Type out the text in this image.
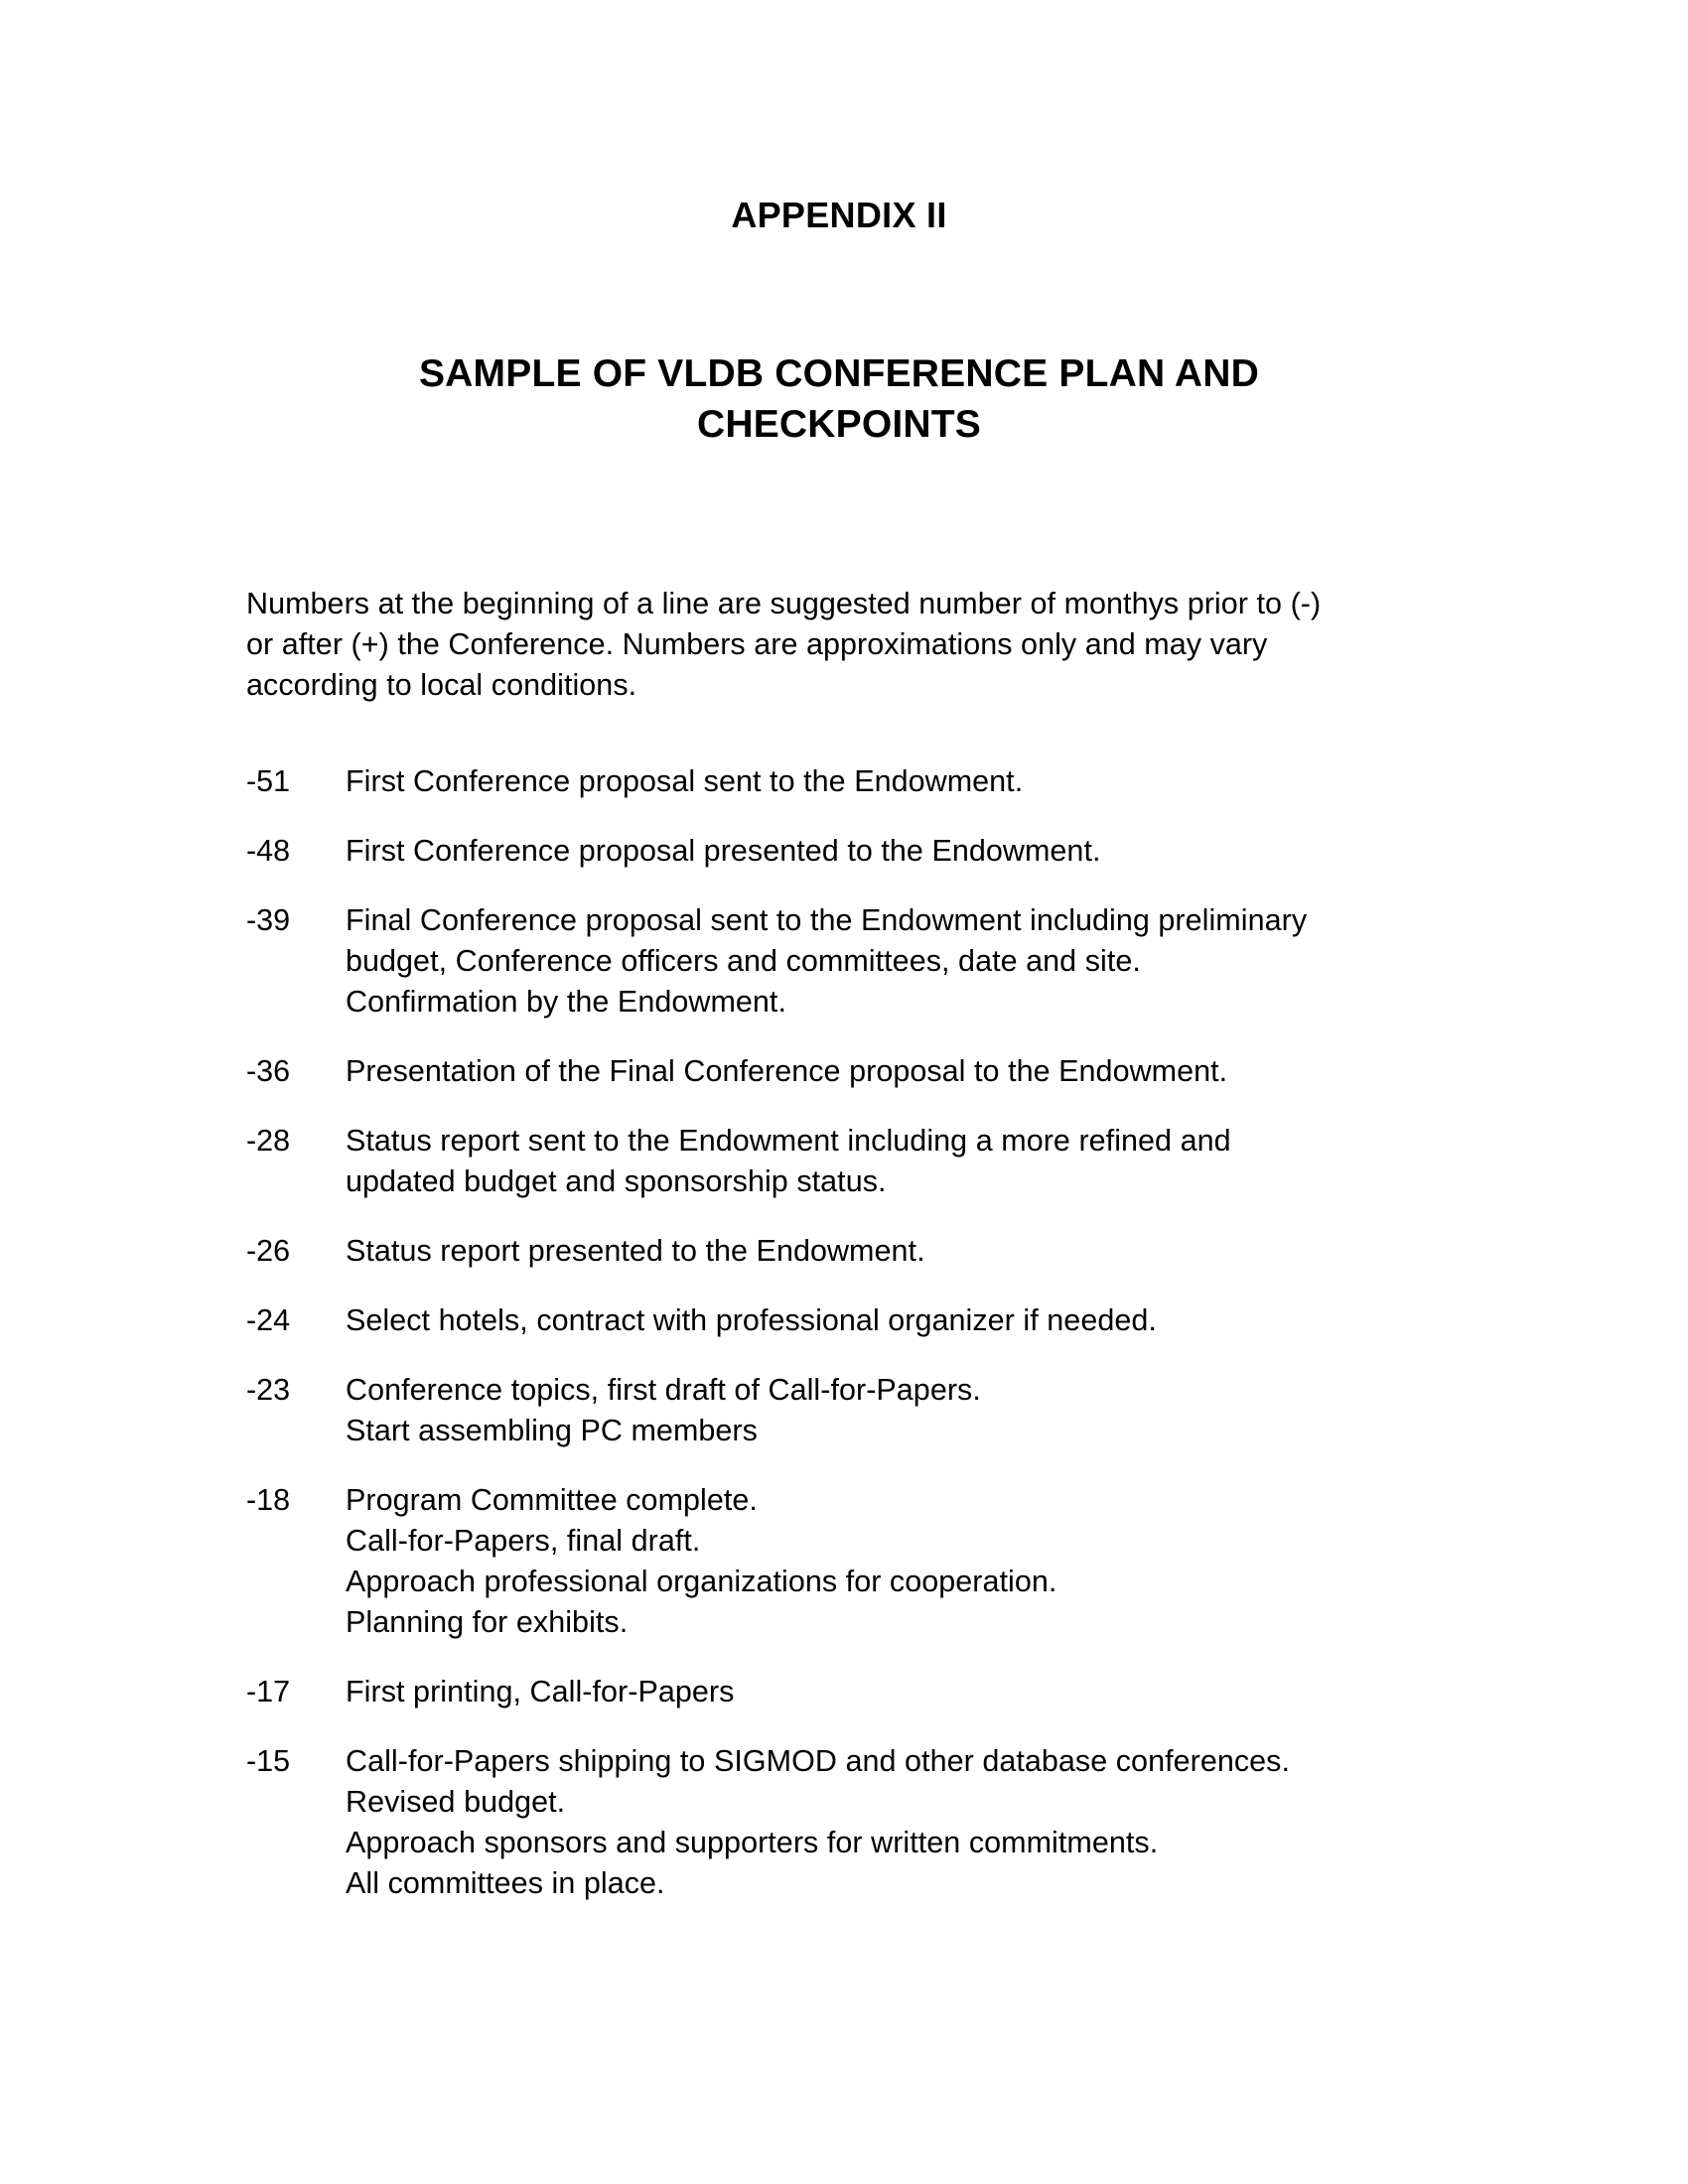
APPENDIX II
SAMPLE OF VLDB CONFERENCE PLAN AND
CHECKPOINTS
Numbers at the beginning of a line are suggested number of monthys prior to (-)
or after (+) the Conference. Numbers are approximations only and may vary
according to local conditions.
-51	First Conference proposal sent to the Endowment.
-48	First Conference proposal presented to the Endowment.
-39	Final Conference proposal sent to the Endowment including preliminary
budget, Conference officers and committees, date and site.
Confirmation by the Endowment.
-36	Presentation of the Final Conference proposal to the Endowment.
-28	Status report sent to the Endowment including a more refined and
updated budget and sponsorship status.
-26	Status report presented to the Endowment.
-24	Select hotels, contract with professional organizer if needed.
-23	Conference topics, first draft of Call-for-Papers.
Start assembling PC members
-18	Program Committee complete.
Call-for-Papers, final draft.
Approach professional organizations for cooperation.
Planning for exhibits.
-17	First printing, Call-for-Papers
-15	Call-for-Papers shipping to SIGMOD and other database conferences.
Revised budget.
Approach sponsors and supporters for written commitments.
All committees in place.
